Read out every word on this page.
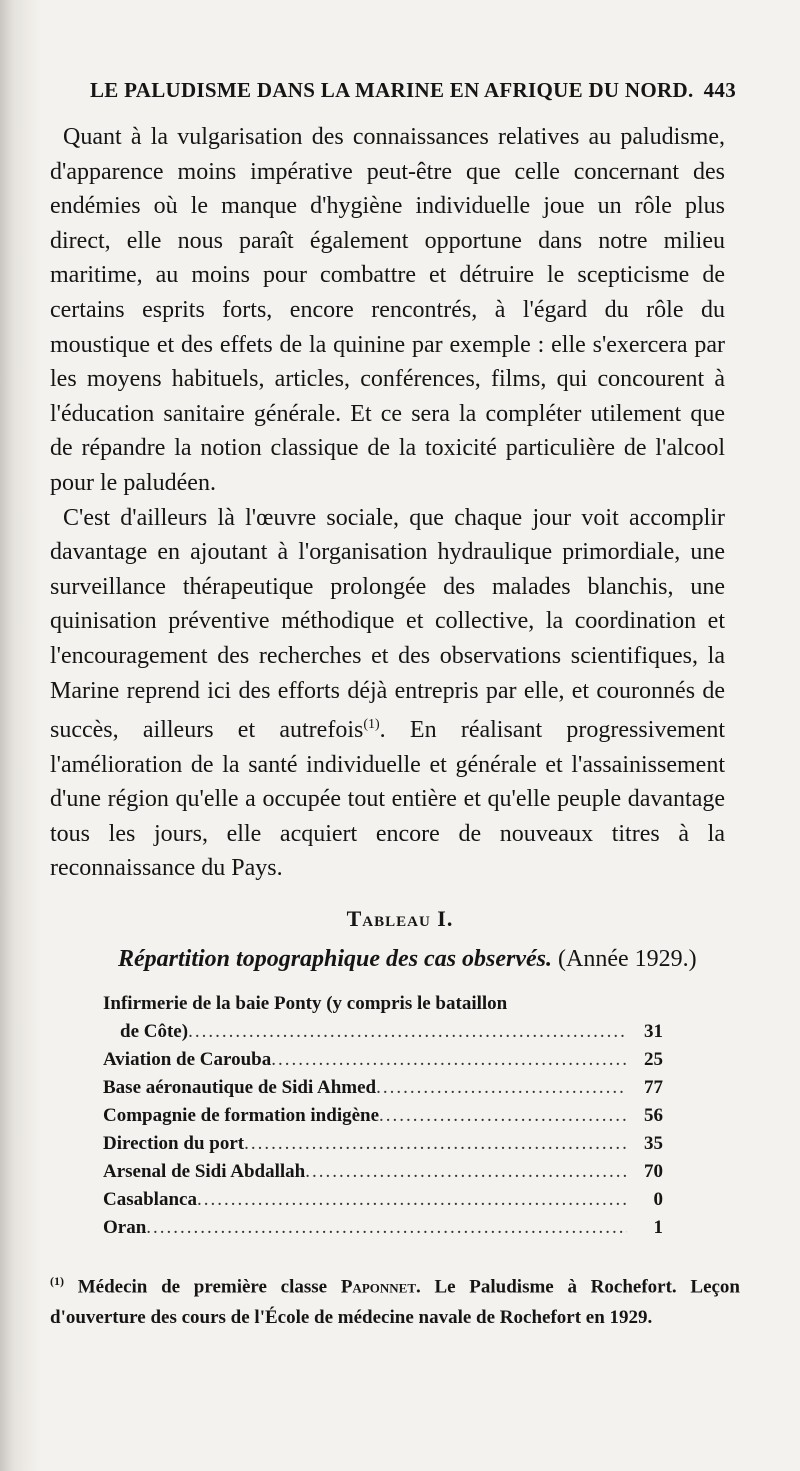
LE PALUDISME DANS LA MARINE EN AFRIQUE DU NORD. 443

Quant à la vulgarisation des connaissances relatives au paludisme, d'apparence moins impérative peut-être que celle concernant des endémies où le manque d'hygiène individuelle joue un rôle plus direct, elle nous paraît également opportune dans notre milieu maritime, au moins pour combattre et détruire le scepticisme de certains esprits forts, encore rencontrés, à l'égard du rôle du moustique et des effets de la quinine par exemple : elle s'exercera par les moyens habituels, articles, conférences, films, qui concourent à l'éducation sanitaire générale. Et ce sera la compléter utilement que de répandre la notion classique de la toxicité particulière de l'alcool pour le paludéen.

C'est d'ailleurs là l'œuvre sociale, que chaque jour voit accomplir davantage en ajoutant à l'organisation hydraulique primordiale, une surveillance thérapeutique prolongée des malades blanchis, une quinisation préventive méthodique et collective, la coordination et l'encouragement des recherches et des observations scientifiques, la Marine reprend ici des efforts déjà entrepris par elle, et couronnés de succès, ailleurs et autrefois$^{(1)}$. En réalisant progressivement l'amélioration de la santé individuelle et générale et l'assainissement d'une région qu'elle a occupée tout entière et qu'elle peuple davantage tous les jours, elle acquiert encore de nouveaux titres à la reconnaissance du Pays.

Tableau I.
Répartition topographique des cas observés. (Année 1929.)
Infirmerie de la baie Ponty (y compris le bataillon
de Côte) .....	31
Aviation de Carouba .....	25
Base aéronautique de Sidi Ahmed .....	77
Compagnie de formation indigène .....	56
Direction du port .....	35
Arsenal de Sidi Abdallah .....	70
Casablanca .....	0
Oran .....	1
$^{(1)}$ Médecin de première classe Paponnet. Le Paludisme à Rochefort. Leçon d'ouverture des cours de l'École de médecine navale de Rochefort en 1929.
